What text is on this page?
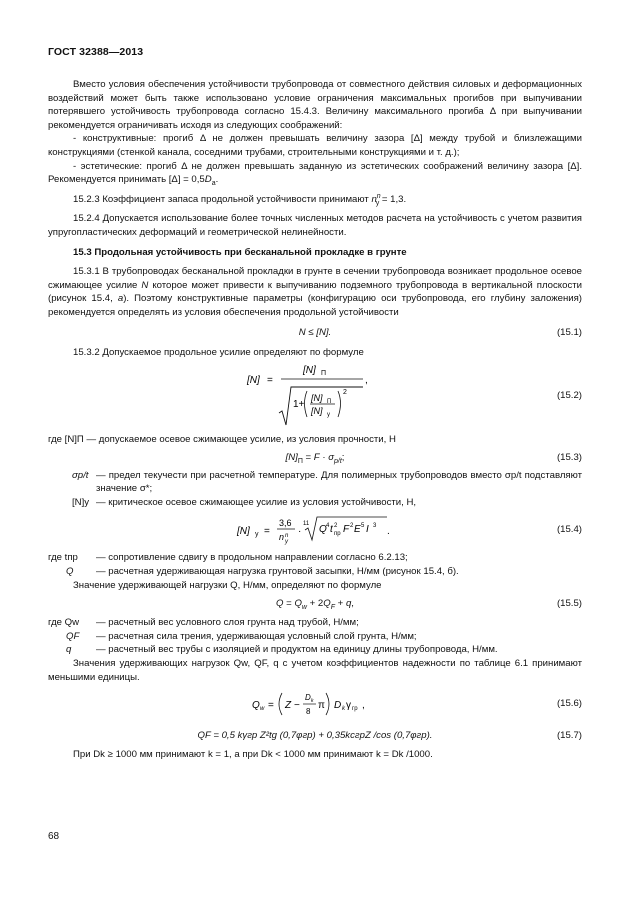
ГОСТ 32388—2013

Вместо условия обеспечения устойчивости трубопровода от совместного действия силовых и деформационных воздействий может быть также использовано условие ограничения максимальных прогибов при выпучивании потерявшего устойчивость трубопровода согласно 15.4.3. Величину максимального прогиба Δ при выпучивании рекомендуется ограничивать исходя из следующих соображений:

- конструктивные: прогиб Δ не должен превышать величину зазора [Δ] между трубой и близлежащими конструкциями (стенкой канала, соседними трубами, строительными конструкциями и т. д.);

- эстетические: прогиб Δ не должен превышать заданную из эстетических соображений величину зазора [Δ]. Рекомендуется принимать $[\Delta] = 0,5D_a$.

15.2.3 Коэффициент запаса продольной устойчивости принимают $n^n_y = 1,3$.

15.2.4 Допускается использование более точных численных методов расчета на устойчивость с учетом развития упругопластических деформаций и геометрической нелинейности.

15.3 Продольная устойчивость при бесканальной прокладке в грунте

15.3.1 В трубопроводах бесканальной прокладки в грунте в сечении трубопровода возникает продольное осевое сжимающее усилие N которое может привести к выпучиванию подземного трубопровода в вертикальной плоскости (рисунок 15.4, а). Поэтому конструктивные параметры (конфигурацию оси трубопровода, его глубину заложения) рекомендуется определять из условия обеспечения продольной устойчивости

N ≤ [N].	(15.1)

15.3.2 Допускаемое продольное усилие определяют по формуле

[N] =
[N] П
,
1+
[N] П
[N] у
2	(15.2)

где [N]П — допускаемое осевое сжимающее усилие, из условия прочности, Н

$[N]_П = F \cdot \sigma_{p/t}$;	(15.3)
σp/t — предел текучести при расчетной температуре. Для полимерных трубопроводов вместо σp/t подставляют значение σ*;
[N]у — критическое осевое сжимающее усилие из условия устойчивости, Н,
[N] у =
3,6
n n
y
·
11 Q 4 t 2
пр F 2 E 5 I 3 .	(15.4)
где tпр	— сопротивление сдвигу в продольном направлении согласно 6.2.13;
Q	— расчетная удерживающая нагрузка грунтовой засыпки, Н/мм (рисунок 15.4, б).

Значение удерживающей нагрузки Q, Н/мм, определяют по формуле

$Q = Q_w + 2Q_F + q$,	(15.5)
где Qw	— расчетный вес условного слоя грунта над трубой, Н/мм;
QF	— расчетная сила трения, удерживающая условный слой грунта, Н/мм;
q	— расчетный вес трубы с изоляцией и продуктом на единицу длины трубопровода, Н/мм.

Значения удерживающих нагрузок Qw, QF, q с учетом коэффициентов надежности по таблице 6.1 принимают меньшими единицы.

Q w = Z −
D k
8
π D k γ гр ,	(15.6)
QF = 0,5 kγгр Z²tg (0,7φгр) + 0,35kcгрZ /cos (0,7φгр).	(15.7)

При Dk ≥ 1000 мм принимают k = 1, а при Dk < 1000 мм принимают k = Dk /1000.

68
